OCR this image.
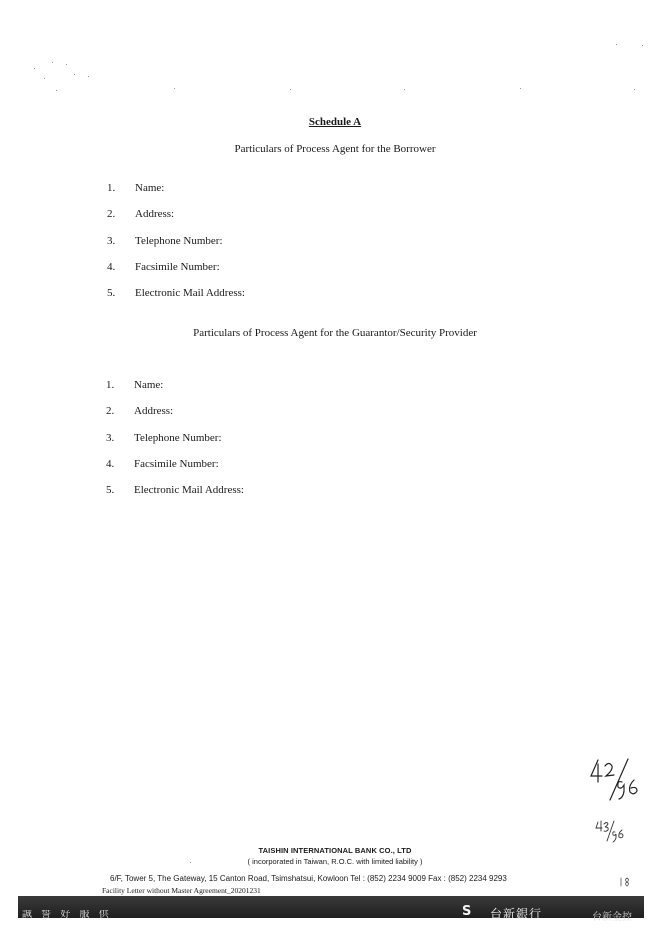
Schedule A
Particulars of Process Agent for the Borrower
1. Name:
2. Address:
3. Telephone Number:
4. Facsimile Number:
5. Electronic Mail Address:
Particulars of Process Agent for the Guarantor/Security Provider
1. Name:
2. Address:
3. Telephone Number:
4. Facsimile Number:
5. Electronic Mail Address:
TAISHIN INTERNATIONAL BANK CO., LTD
( incorporated in Taiwan, R.O.C. with limited liability )
6/F, Tower 5, The Gateway, 15 Canton Road, Tsimshatsui, Kowloon Tel : (852) 2234 9009 Fax : (852) 2234 9293
Facility Letter without Master Agreement_20201231
誠 誓 好 服 供	S 台新銀行	台新金控
